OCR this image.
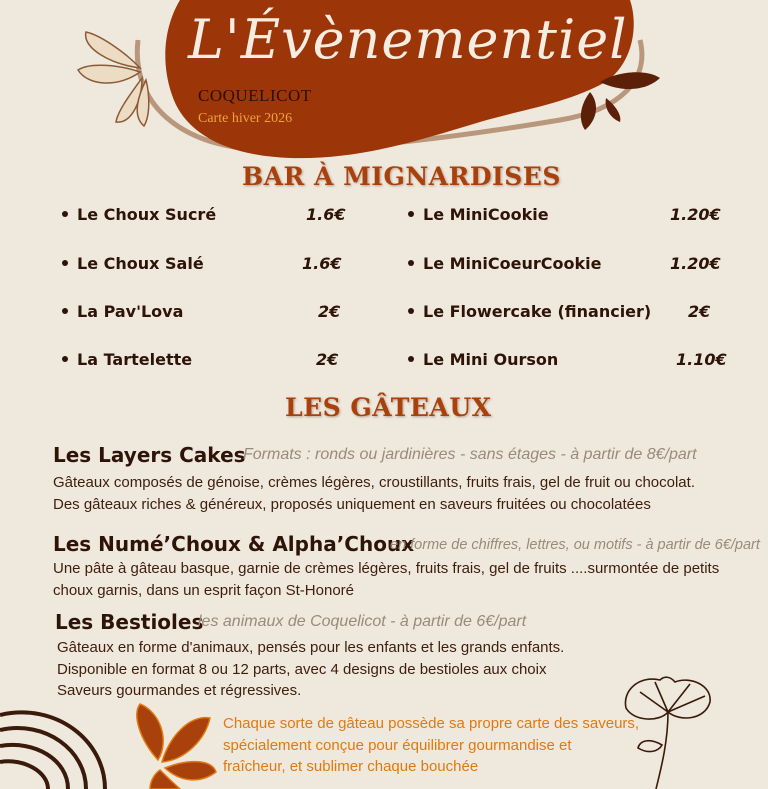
L'Évènementiel
COQUELICOT
Carte hiver 2026
BAR À MIGNARDISES
Le Choux Sucré	1.6€
Le Choux Salé	1.6€
La Pav'Lova	2€
La Tartelette	2€
Le MiniCookie	1.20€
Le MiniCoeurCookie	1.20€
Le Flowercake (financier) 2€
Le Mini Ourson	1.10€
LES GÂTEAUX
Les Layers Cakes
Formats : ronds ou jardinières - sans étages - à partir de 8€/part
Gâteaux composés de génoise, crèmes légères, croustillants, fruits frais, gel de fruit ou chocolat.
Des gâteaux riches & généreux, proposés uniquement en saveurs fruitées ou chocolatées
Les Numé’Choux & Alpha’Choux
en forme de chiffres, lettres, ou motifs - à partir de 6€/part
Une pâte à gâteau basque, garnie de crèmes légères, fruits frais, gel de fruits ....surmontée de petits
choux garnis, dans un esprit façon St-Honoré
Les Bestioles
les animaux de Coquelicot - à partir de 6€/part
Gâteaux en forme d'animaux, pensés pour les enfants et les grands enfants.
Disponible en format 8 ou 12 parts, avec 4 designs de bestioles aux choix
Saveurs gourmandes et régressives.
Chaque sorte de gâteau possède sa propre carte des saveurs,
spécialement conçue pour équilibrer gourmandise et
fraîcheur, et sublimer chaque bouchée
